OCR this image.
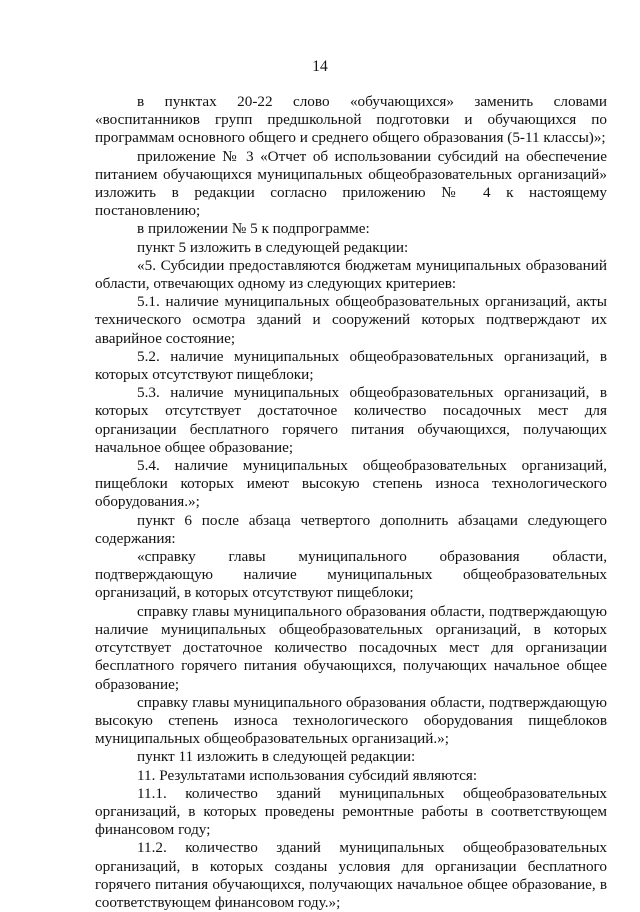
14

в пунктах 20-22 слово «обучающихся» заменить словами «воспитанников групп предшкольной подготовки и обучающихся по программам основного общего и среднего общего образования (5-11 классы)»;

приложение № 3 «Отчет об использовании субсидий на обеспечение питанием обучающихся муниципальных общеобразовательных организаций» изложить в редакции согласно приложению № 4 к настоящему постановлению;

в приложении № 5 к подпрограмме:

пункт 5 изложить в следующей редакции:

«5. Субсидии предоставляются бюджетам муниципальных образований области, отвечающих одному из следующих критериев:

5.1. наличие муниципальных общеобразовательных организаций, акты технического осмотра зданий и сооружений которых подтверждают их аварийное состояние;

5.2. наличие муниципальных общеобразовательных организаций, в которых отсутствуют пищеблоки;

5.3. наличие муниципальных общеобразовательных организаций, в которых отсутствует достаточное количество посадочных мест для организации бесплатного горячего питания обучающихся, получающих начальное общее образование;

5.4. наличие муниципальных общеобразовательных организаций, пищеблоки которых имеют высокую степень износа технологического оборудования.»;

пункт 6 после абзаца четвертого дополнить абзацами следующего содержания:

«справку главы муниципального образования области, подтверждающую наличие муниципальных общеобразовательных организаций, в которых отсутствуют пищеблоки;

справку главы муниципального образования области, подтверждающую наличие муниципальных общеобразовательных организаций, в которых отсутствует достаточное количество посадочных мест для организации бесплатного горячего питания обучающихся, получающих начальное общее образование;

справку главы муниципального образования области, подтверждающую высокую степень износа технологического оборудования пищеблоков муниципальных общеобразовательных организаций.»;

пункт 11 изложить в следующей редакции:

11. Результатами использования субсидий являются:

11.1. количество зданий муниципальных общеобразовательных организаций, в которых проведены ремонтные работы в соответствующем финансовом году;

11.2. количество зданий муниципальных общеобразовательных организаций, в которых созданы условия для организации бесплатного горячего питания обучающихся, получающих начальное общее образование, в соответствующем финансовом году.»;
